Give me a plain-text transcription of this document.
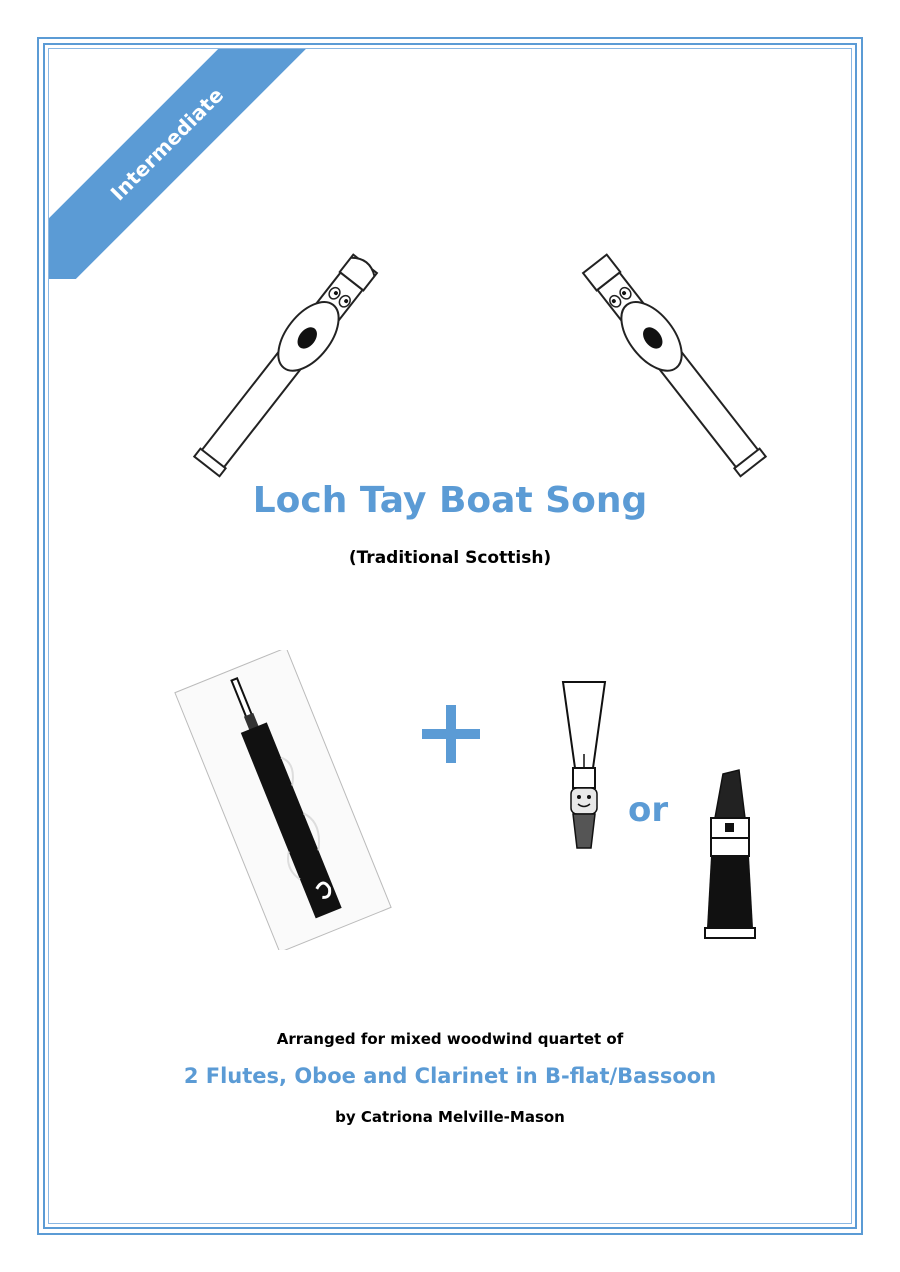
Intermediate
Loch Tay Boat Song
(Traditional Scottish)
or
Arranged for mixed woodwind quartet of
2 Flutes, Oboe and Clarinet in B-flat/Bassoon
by Catriona Melville-Mason
